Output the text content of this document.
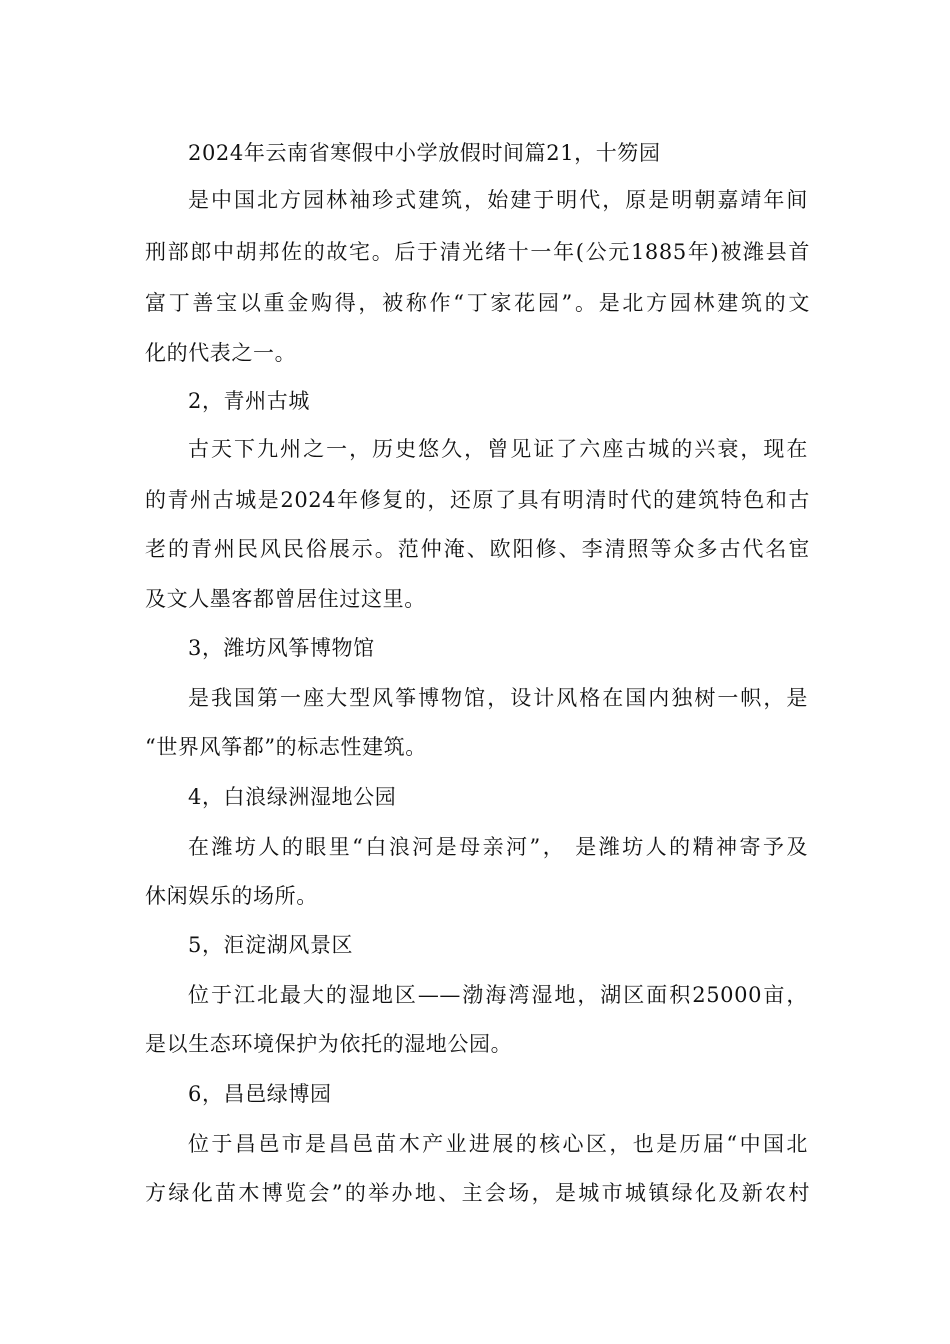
2024年云南省寒假中小学放假时间篇21，十笏园
是中国北方园林袖珍式建筑，始建于明代，原是明朝嘉靖年间
刑部郎中胡邦佐的故宅。后于清光绪十一年(公元1885年)被潍县首
富丁善宝以重金购得，被称作“丁家花园”。是北方园林建筑的文
化的代表之一。
2，青州古城
古天下九州之一，历史悠久，曾见证了六座古城的兴衰，现在
的青州古城是2024年修复的，还原了具有明清时代的建筑特色和古
老的青州民风民俗展示。范仲淹、欧阳修、李清照等众多古代名宦
及文人墨客都曾居住过这里。
3，潍坊风筝博物馆
是我国第一座大型风筝博物馆，设计风格在国内独树一帜，是
“世界风筝都”的标志性建筑。
4，白浪绿洲湿地公园
在潍坊人的眼里“白浪河是母亲河”， 是潍坊人的精神寄予及
休闲娱乐的场所。
5，洰淀湖风景区
位于江北最大的湿地区——渤海湾湿地，湖区面积25000亩，
是以生态环境保护为依托的湿地公园。
6，昌邑绿博园
位于昌邑市是昌邑苗木产业进展的核心区，也是历届“中国北
方绿化苗木博览会”的举办地、主会场，是城市城镇绿化及新农村
